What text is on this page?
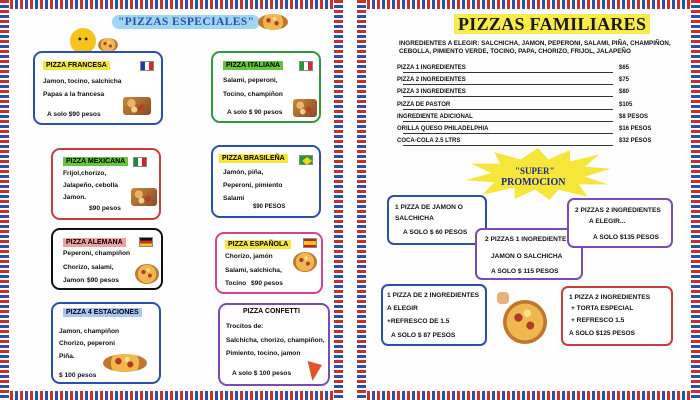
"PIZZAS ESPECIALES"
PIZZA FRANCESA
Jamon, tocino, salchicha
Papas a la francesa
A solo $90 pesos
PIZZA ITALIANA
Salami, peperoni,
Tocino, champiñon
A solo $ 90 pesos
PIZZA MEXICANA
Frijol,chorizo,
Jalapeño, cebolla
Jamon.
$90 pesos
PIZZA BRASILEÑA
Jamón, piña,
Peperoni, pimiento
Salami
$90 PESOS
PIZZA ALEMANA
Peperoni, champiñon
Chorizo, salami,
Jamon $90 pesos
PIZZA ESPAÑOLA
Chorizo, jamón
Salami, salchicha,
Tocino $90 pesos
PIZZA 4 ESTACIONES
Jamon, champiñon
Chorizo, peperoni
Piña.
$ 100 pesos
PIZZA CONFETTI
Trocitos de:
Salchicha, chorizo, champiñon,
Pimiento, tocino, jamon
A solo $ 100 pesos
PIZZAS FAMILIARES
INGREDIENTES A ELEGIR: SALCHICHA, JAMON, PEPERONI, SALAMI, PIÑA, CHAMPIÑON, CEBOLLA, PIMIENTO VERDE, TOCINO, PAPA, CHORIZO, FRIJOL, JALAPEÑO
PIZZA 1 INGREDIENTES	$65
PIZZA 2 INGREDIENTES	$75
PIZZA 3 INGREDIENTES	$80
PIZZA DE PASTOR	$105
INGREDIENTE ADICIONAL	$8 PESOS
ORILLA QUESO PHILADELPHIA	$16 PESOS
COCA-COLA 2.5 LTRS	$32 PESOS
"SUPER"
PROMOCION
1 PIZZA DE JAMON O
SALCHICHA
A SOLO $ 60 PESOS
2 PIZZAS 1 INGREDIENTE
JAMON O SALCHICHA
A SOLO $ 115 PESOS
2 PIZZAS 2 INGREDIENTES
A ELEGIR...
A SOLO $135 PESOS
1 PIZZA DE 2 INGREDIENTES
A ELEGIR
+REFRESCO DE 1.5
A SOLO $ 87 PESOS
1 PIZZA 2 INGREDIENTES
+ TORTA ESPECIAL
+ REFRESCO 1.5
A SOLO $125 PESOS
